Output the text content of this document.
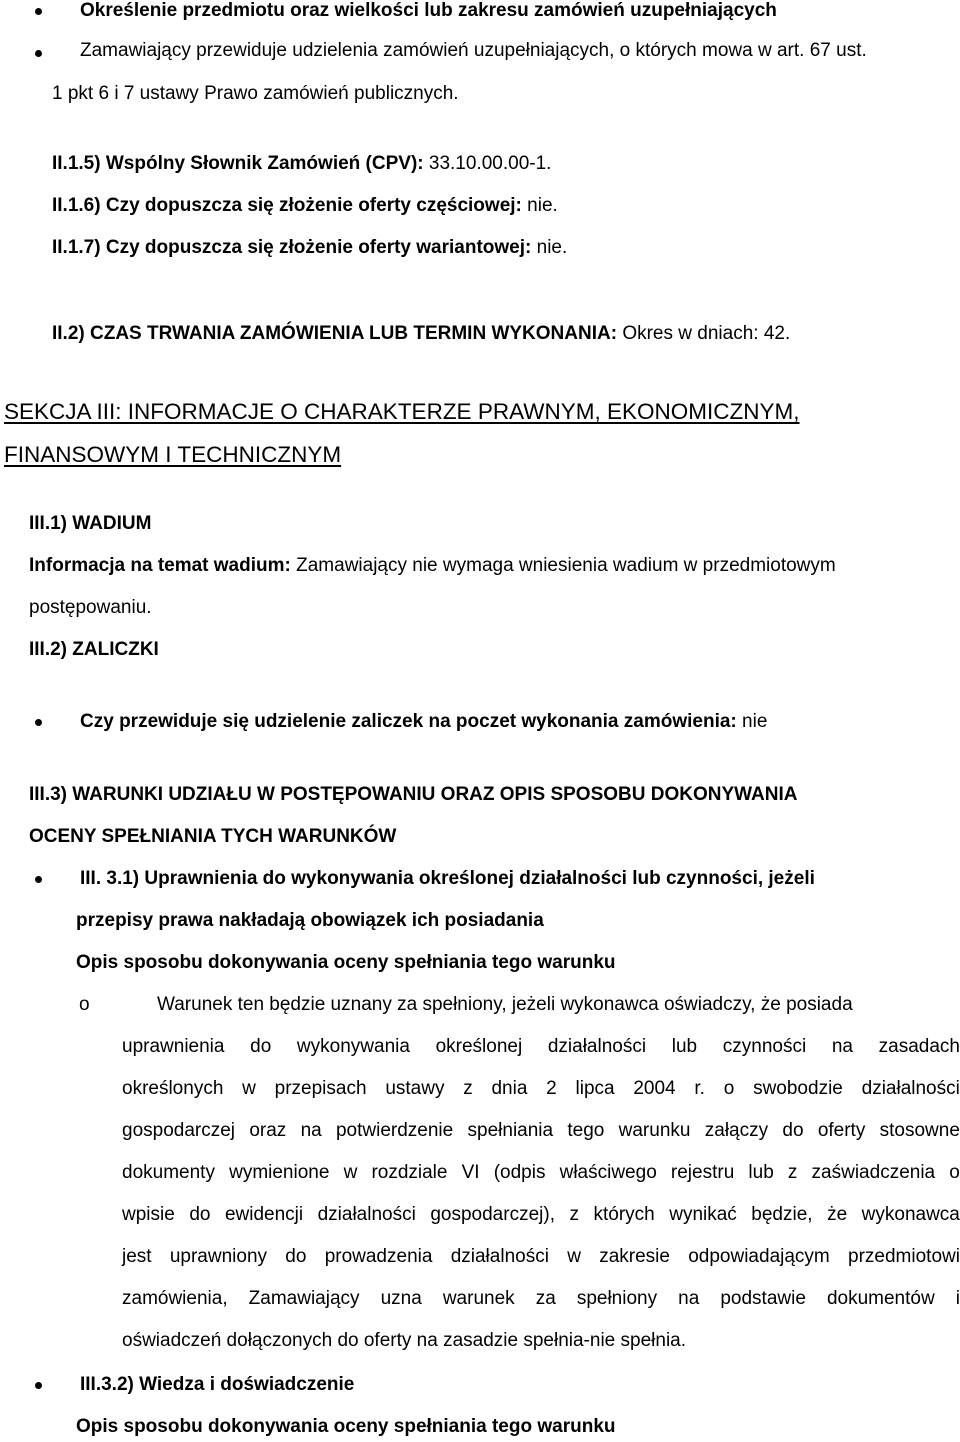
Określenie przedmiotu oraz wielkości lub zakresu zamówień uzupełniających
Zamawiający przewiduje udzielenia zamówień uzupełniających, o których mowa w art. 67 ust.
1 pkt 6 i 7 ustawy Prawo zamówień publicznych.
II.1.5) Wspólny Słownik Zamówień (CPV): 33.10.00.00-1.
II.1.6) Czy dopuszcza się złożenie oferty częściowej: nie.
II.1.7) Czy dopuszcza się złożenie oferty wariantowej: nie.
II.2) CZAS TRWANIA ZAMÓWIENIA LUB TERMIN WYKONANIA: Okres w dniach: 42.
SEKCJA III: INFORMACJE O CHARAKTERZE PRAWNYM, EKONOMICZNYM,
FINANSOWYM I TECHNICZNYM
III.1) WADIUM
Informacja na temat wadium: Zamawiający nie wymaga wniesienia wadium w przedmiotowym
postępowaniu.
III.2) ZALICZKI
Czy przewiduje się udzielenie zaliczek na poczet wykonania zamówienia: nie
III.3) WARUNKI UDZIAŁU W POSTĘPOWANIU ORAZ OPIS SPOSOBU DOKONYWANIA
OCENY SPEŁNIANIA TYCH WARUNKÓW
III. 3.1) Uprawnienia do wykonywania określonej działalności lub czynności, jeżeli
przepisy prawa nakładają obowiązek ich posiadania
Opis sposobu dokonywania oceny spełniania tego warunku
o	Warunek ten będzie uznany za spełniony, jeżeli wykonawca oświadczy, że posiada
uprawnienia do wykonywania określonej działalności lub czynności na zasadach
określonych w przepisach ustawy z dnia 2 lipca 2004 r. o swobodzie działalności
gospodarczej oraz na potwierdzenie spełniania tego warunku załączy do oferty stosowne
dokumenty wymienione w rozdziale VI (odpis właściwego rejestru lub z zaświadczenia o
wpisie do ewidencji działalności gospodarczej), z których wynikać będzie, że wykonawca
jest uprawniony do prowadzenia działalności w zakresie odpowiadającym przedmiotowi
zamówienia, Zamawiający uzna warunek za spełniony na podstawie dokumentów i
oświadczeń dołączonych do oferty na zasadzie spełnia-nie spełnia.
III.3.2) Wiedza i doświadczenie
Opis sposobu dokonywania oceny spełniania tego warunku
